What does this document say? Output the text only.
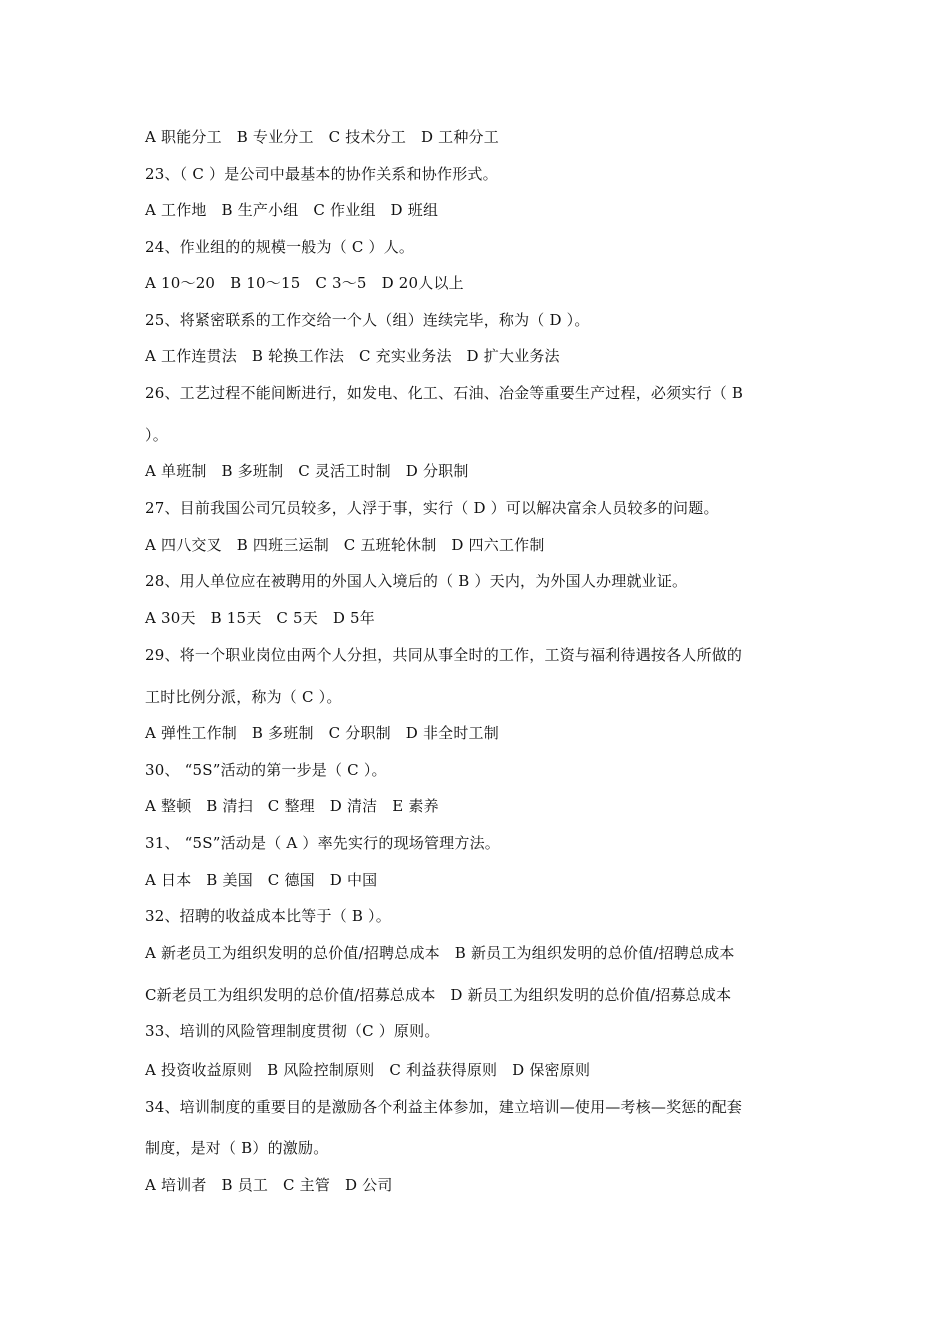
A 职能分工   B 专业分工   C 技术分工   D 工种分工
23、（ C ）是公司中最基本的协作关系和协作形式。
A 工作地   B 生产小组   C 作业组   D 班组
24、作业组的的规模一般为（ C ）人。
A 10～20   B 10～15   C 3～5   D 20人以上
25、将紧密联系的工作交给一个人（组）连续完毕，称为（ D ）。
A 工作连贯法   B 轮换工作法   C 充实业务法   D 扩大业务法
26、工艺过程不能间断进行，如发电、化工、石油、冶金等重要生产过程，必须实行（ B
）。
A 单班制   B 多班制   C 灵活工时制   D 分职制
27、目前我国公司冗员较多，人浮于事，实行（ D ）可以解决富余人员较多的问题。
A 四八交叉   B 四班三运制   C 五班轮休制   D 四六工作制
28、用人单位应在被聘用的外国人入境后的（ B ）天内，为外国人办理就业证。
A 30天   B 15天   C 5天   D 5年
29、将一个职业岗位由两个人分担，共同从事全时的工作，工资与福利待遇按各人所做的
工时比例分派，称为（ C ）。
A 弹性工作制   B 多班制   C 分职制   D 非全时工制
30、 “5S”活动的第一步是（ C ）。
A 整顿   B 清扫   C 整理   D 清洁   E 素养
31、 “5S”活动是（ A ）率先实行的现场管理方法。
A 日本   B 美国   C 德国   D 中国
32、招聘的收益成本比等于（ B ）。
A 新老员工为组织发明的总价值/招聘总成本   B 新员工为组织发明的总价值/招聘总成本
C新老员工为组织发明的总价值/招募总成本   D 新员工为组织发明的总价值/招募总成本
33、培训的风险管理制度贯彻（C ）原则。
A 投资收益原则   B 风险控制原则   C 利益获得原则   D 保密原则
34、培训制度的重要目的是激励各个利益主体参加，建立培训—使用—考核—奖惩的配套
制度，是对（ B）的激励。
A 培训者   B 员工   C 主管   D 公司
